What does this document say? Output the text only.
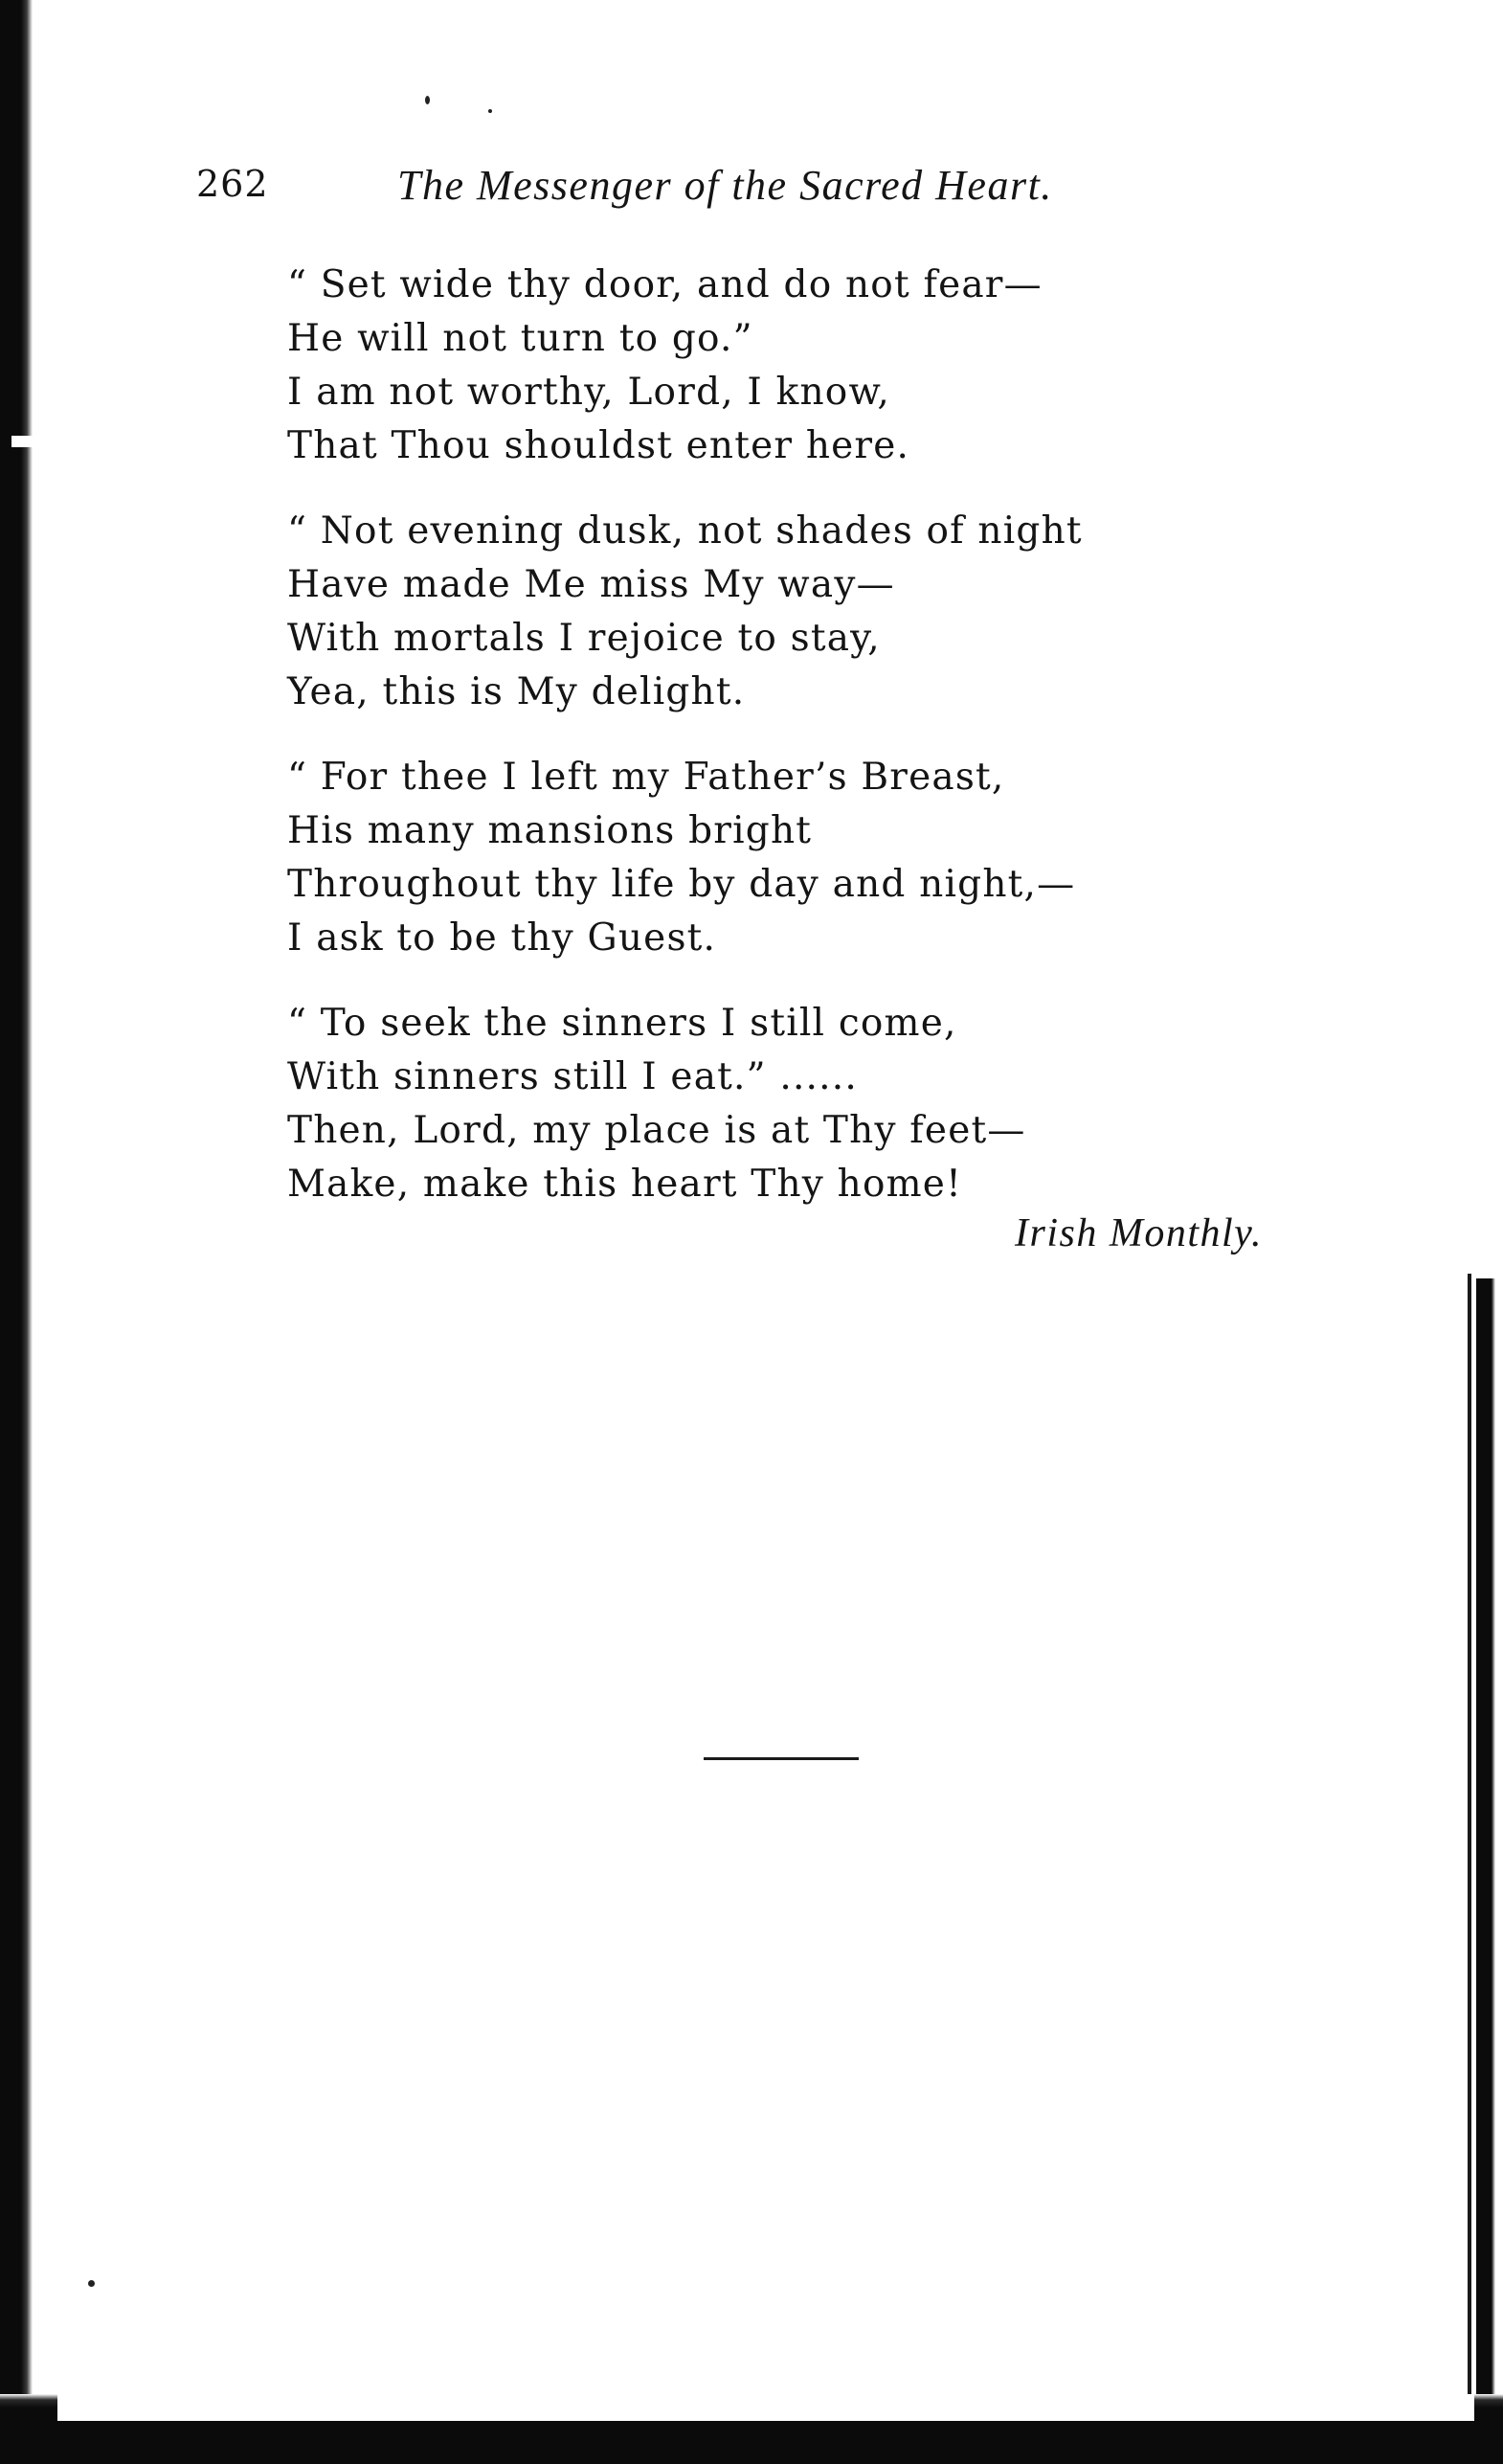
262	The Messenger of the Sacred Heart.
“ Set wide thy door, and do not fear—
He will not turn to go.”
I am not worthy, Lord, I know,
That Thou shouldst enter here.
“ Not evening dusk, not shades of night
Have made Me miss My way—
With mortals I rejoice to stay,
Yea, this is My delight.
“ For thee I left my Father’s Breast,
His many mansions bright
Throughout thy life by day and night,—
I ask to be thy Guest.
“ To seek the sinners I still come,
With sinners still I eat.” ......
Then, Lord, my place is at Thy feet—
Make, make this heart Thy home!
Irish Monthly.
